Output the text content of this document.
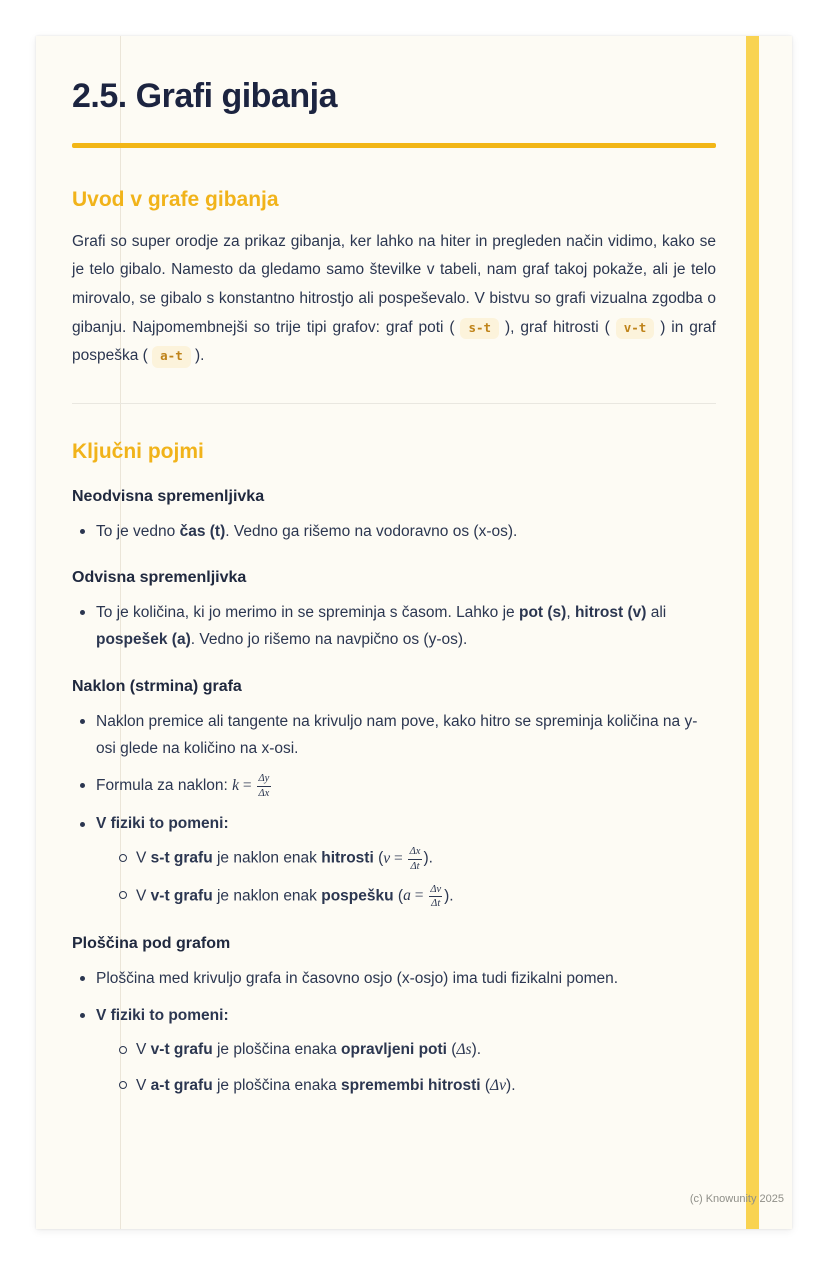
2.5. Grafi gibanja
Uvod v grafe gibanja

Grafi so super orodje za prikaz gibanja, ker lahko na hiter in pregleden način vidimo, kako se je telo gibalo. Namesto da gledamo samo številke v tabeli, nam graf takoj pokaže, ali je telo mirovalo, se gibalo s konstantno hitrostjo ali pospeševalo. V bistvu so grafi vizualna zgodba o gibanju. Najpomembnejši so trije tipi grafov: graf poti ( s-t ), graf hitrosti ( v-t ) in graf pospeška ( a-t ).

Ključni pojmi
Neodvisna spremenljivka
To je vedno čas (t). Vedno ga rišemo na vodoravno os (x-os).
Odvisna spremenljivka
To je količina, ki jo merimo in se spreminja s časom. Lahko je pot (s), hitrost (v) ali pospešek (a). Vedno jo rišemo na navpično os (y-os).
Naklon (strmina) grafa
Naklon premice ali tangente na krivuljo nam pove, kako hitro se spreminja količina na y-osi glede na količino na x-osi.
Formula za naklon: $k = \frac{\Delta y}{\Delta x}$
V fiziki to pomeni:
V s-t grafu je naklon enak hitrosti ($v = \frac{\Delta x}{\Delta t}$ ).
V v-t grafu je naklon enak pospešku ($a = \frac{\Delta v}{\Delta t}$ ).
Ploščina pod grafom
Ploščina med krivuljo grafa in časovno osjo (x-osjo) ima tudi fizikalni pomen.
V fiziki to pomeni:
V v-t grafu je ploščina enaka opravljeni poti (Δs).
V a-t grafu je ploščina enaka spremembi hitrosti (Δv).
(c) Knowunity 2025
